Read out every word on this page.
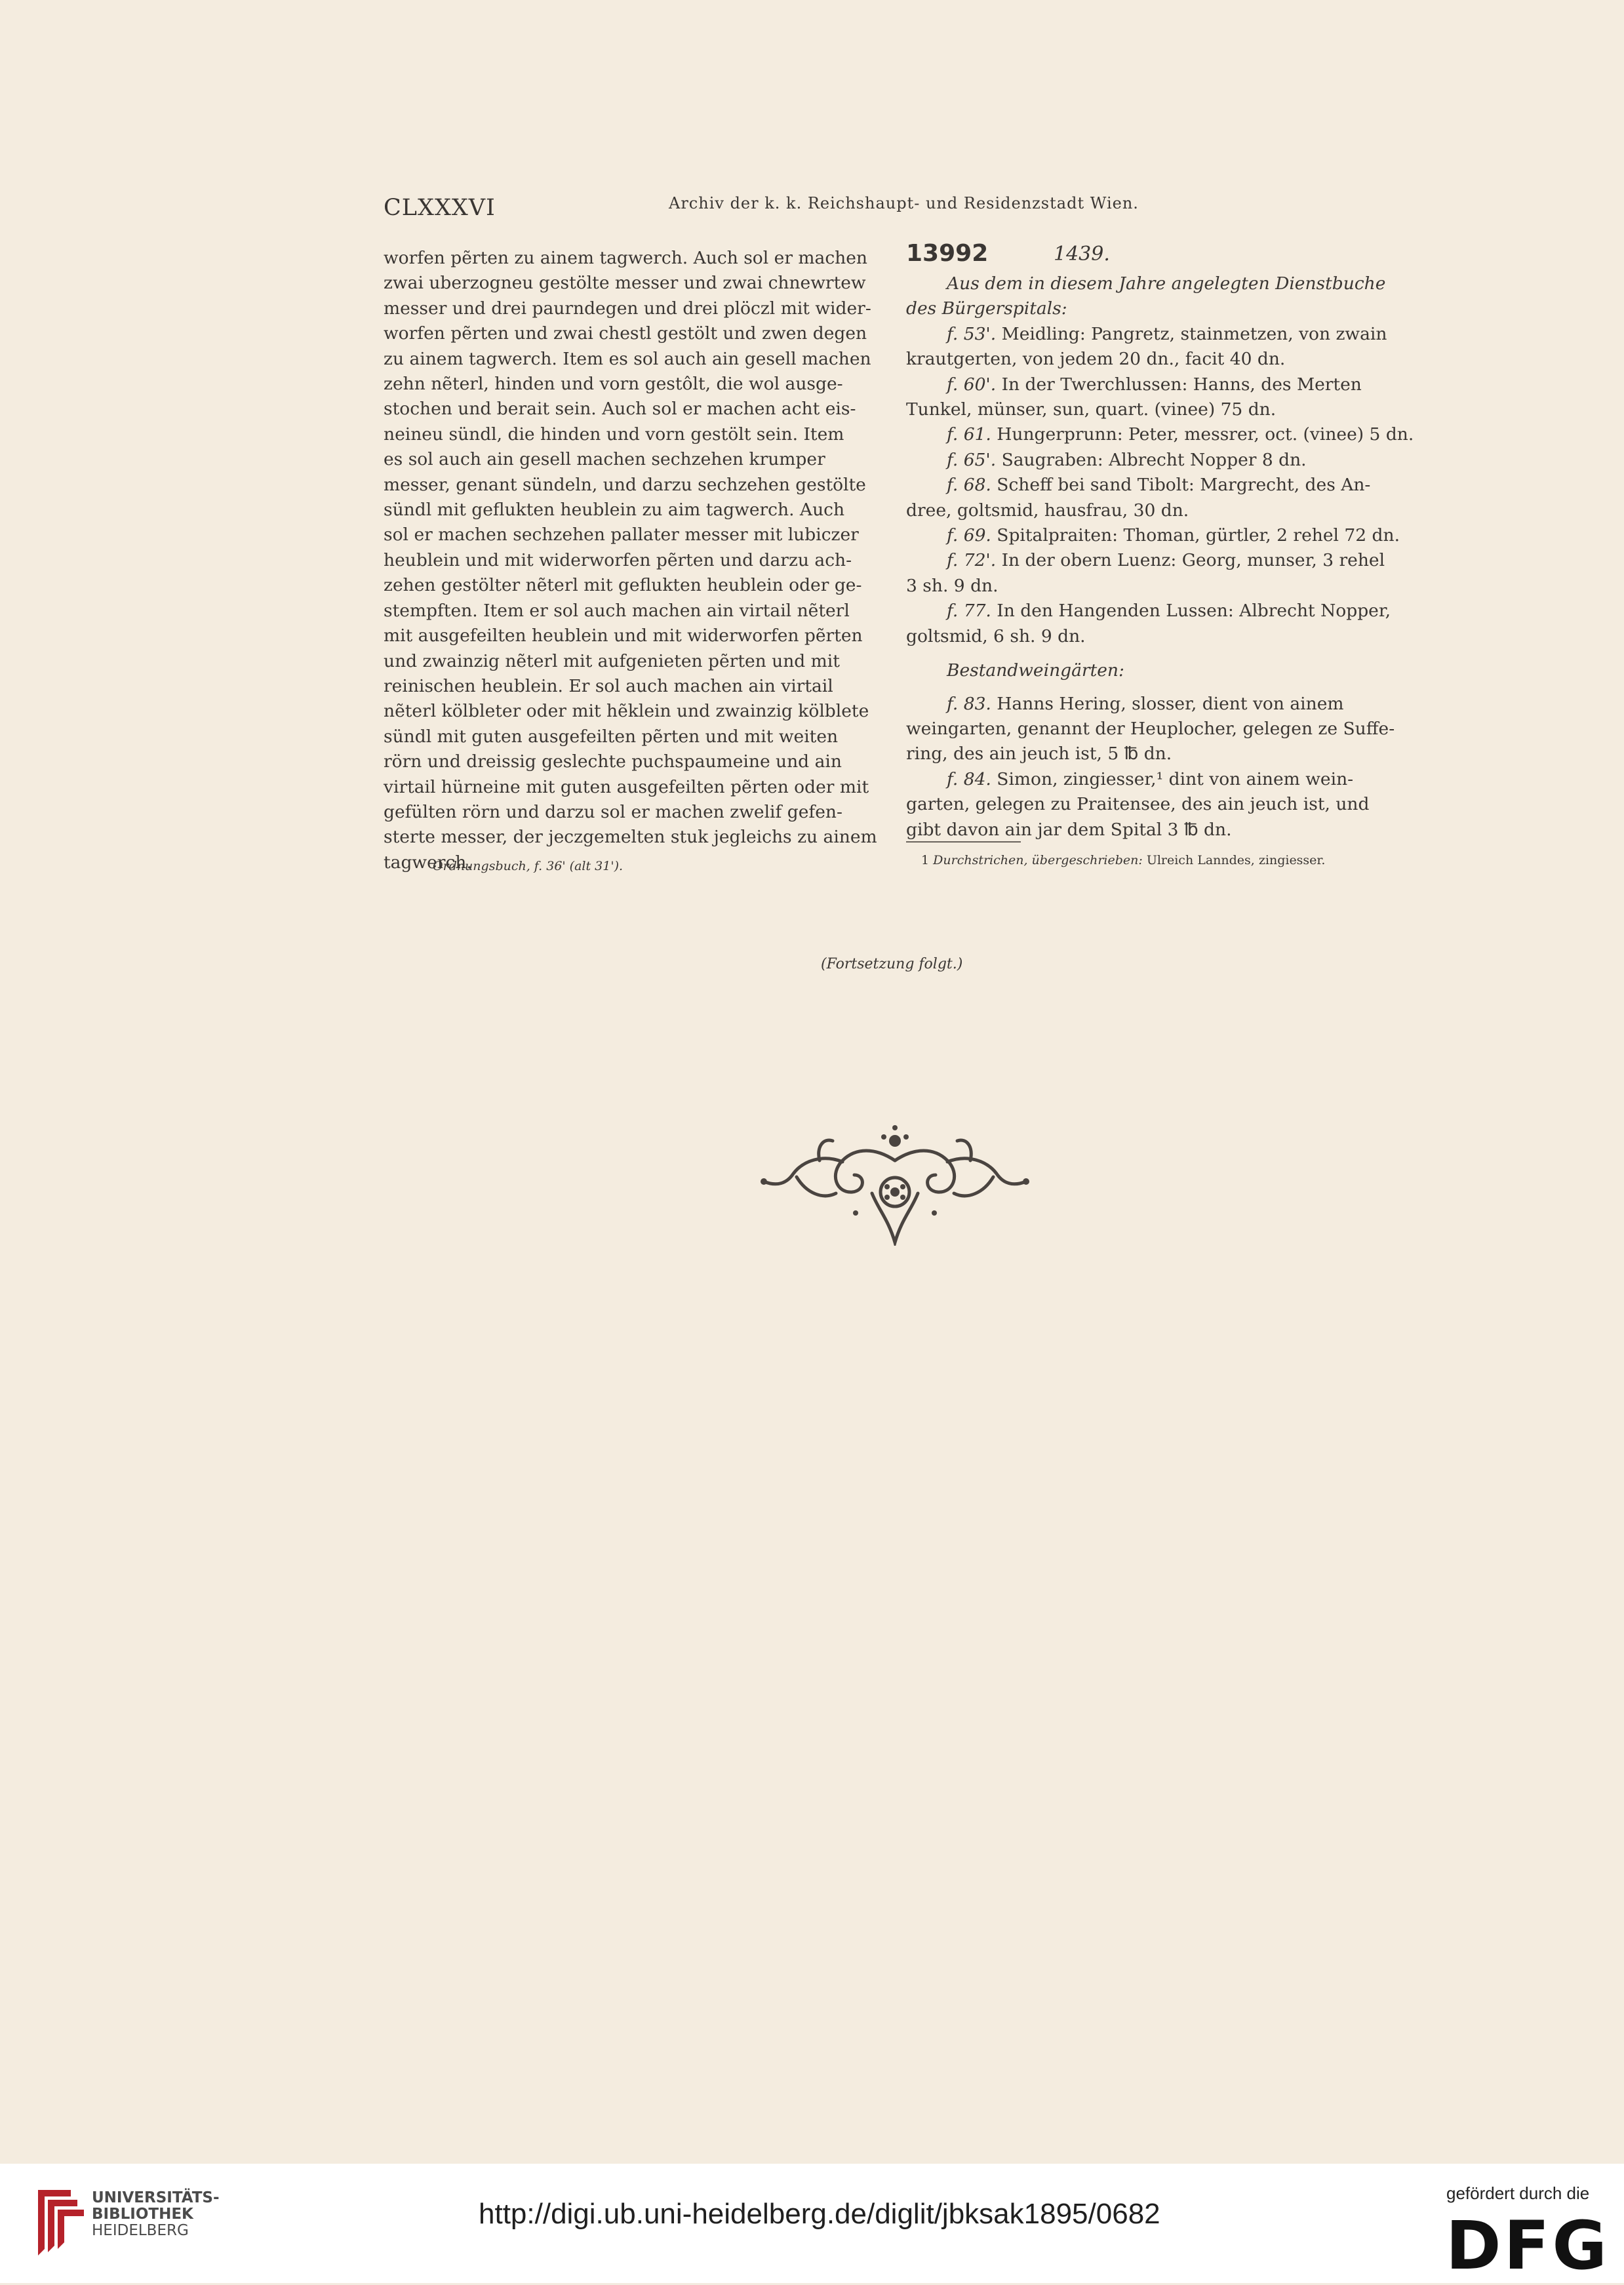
CLXXXVI	Archiv der k. k. Reichshaupt- und Residenzstadt Wien.

worfen pẽrten zu ainem tagwerch. Auch sol er machen

zwai uberzogneu gestölte messer und zwai chnewrtew

messer und drei paurndegen und drei plöczl mit wider-

worfen pẽrten und zwai chestl gestölt und zwen degen

zu ainem tagwerch. Item es sol auch ain gesell machen

zehn nẽterl, hinden und vorn gestôlt, die wol ausge-

stochen und berait sein. Auch sol er machen acht eis-

neineu sündl, die hinden und vorn gestölt sein. Item

es sol auch ain gesell machen sechzehen krumper

messer, genant sündeln, und darzu sechzehen gestölte

sündl mit geflukten heublein zu aim tagwerch. Auch

sol er machen sechzehen pallater messer mit lubiczer

heublein und mit widerworfen pẽrten und darzu ach-

zehen gestölter nẽterl mit geflukten heublein oder ge-

stempften. Item er sol auch machen ain virtail nẽterl

mit ausgefeilten heublein und mit widerworfen pẽrten

und zwainzig nẽterl mit aufgenieten pẽrten und mit

reinischen heublein. Er sol auch machen ain virtail

nẽterl kölbleter oder mit hẽklein und zwainzig kölblete

sündl mit guten ausgefeilten pẽrten und mit weiten

rörn und dreissig geslechte puchspaumeine und ain

virtail hürneine mit guten ausgefeilten pẽrten oder mit

gefülten rörn und darzu sol er machen zwelif gefen-

sterte messer, der jeczgemelten stuk jegleichs zu ainem

tagwerch.

Ordnungsbuch, f. 36' (alt 31').
13992	1439.

Aus dem in diesem Jahre angelegten Dienstbuche

des Bürgerspitals:

f. 53'. Meidling: Pangretz, stainmetzen, von zwain

krautgerten, von jedem 20 dn., facit 40 dn.

f. 60'. In der Twerchlussen: Hanns, des Merten

Tunkel, münser, sun, quart. (vinee) 75 dn.

f. 61. Hungerprunn: Peter, messrer, oct. (vinee) 5 dn.

f. 65'. Saugraben: Albrecht Nopper 8 dn.

f. 68. Scheff bei sand Tibolt: Margrecht, des An-

dree, goltsmid, hausfrau, 30 dn.

f. 69. Spitalpraiten: Thoman, gürtler, 2 rehel 72 dn.

f. 72'. In der obern Luenz: Georg, munser, 3 rehel

3 sh. 9 dn.

f. 77. In den Hangenden Lussen: Albrecht Nopper,

goltsmid, 6 sh. 9 dn.

Bestandweingärten:

f. 83. Hanns Hering, slosser, dient von ainem

weingarten, genannt der Heuplocher, gelegen ze Suffe-

ring, des ain jeuch ist, 5 ℔ dn.

f. 84. Simon, zingiesser,¹ dint von ainem wein-

garten, gelegen zu Praitensee, des ain jeuch ist, und

gibt davon ain jar dem Spital 3 ℔ dn.

1 Durchstrichen, übergeschrieben: Ulreich Lanndes, zingiesser.
(Fortsetzung folgt.)
UNIVERSITÄTS-
BIBLIOTHEK
HEIDELBERG
http://digi.ub.uni-heidelberg.de/diglit/jbksak1895/0682
gefördert durch die
DFG
